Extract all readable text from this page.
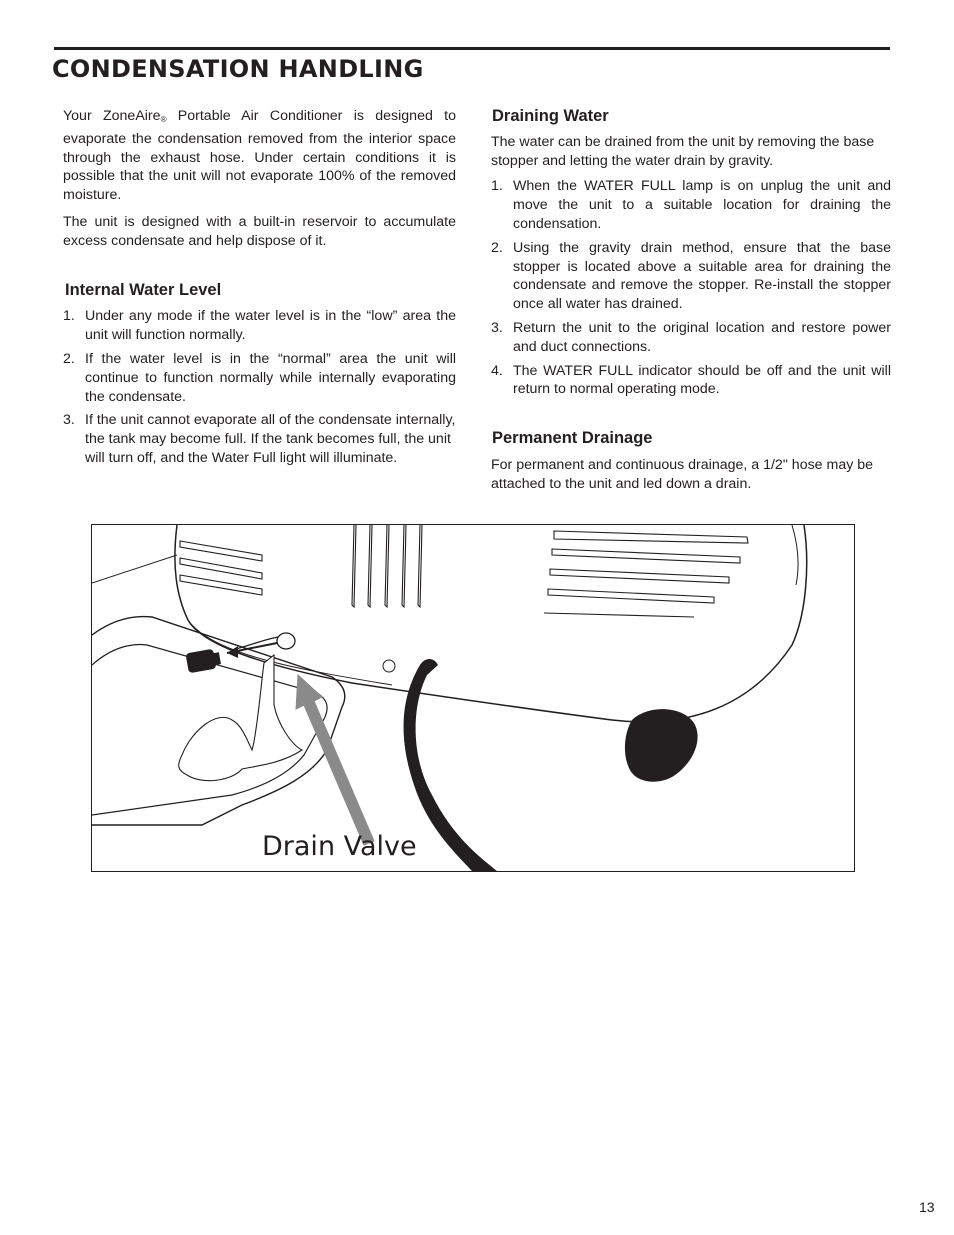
CONDENSATION HANDLING

Your ZoneAire$_®$ Portable Air Conditioner is designed to evaporate the condensation removed from the interior space through the exhaust hose. Under certain conditions it is possible that the unit will not evaporate 100% of the removed moisture.

The unit is designed with a built-in reservoir to accumulate excess condensate and help dispose of it.

Internal Water Level
1. Under any mode if the water level is in the “low” area the unit will function normally.
2. If the water level is in the “normal” area the unit will continue to function normally while internally evaporating the condensate.
3. If the unit cannot evaporate all of the condensate internally, the tank may become full. If the tank becomes full, the unit will turn off, and the Water Full light will illuminate.
Draining Water

The water can be drained from the unit by removing the base stopper and letting the water drain by gravity.

1. When the WATER FULL lamp is on unplug the unit and move the unit to a suitable location for draining the condensation.
2. Using the gravity drain method, ensure that the base stopper is located above a suitable area for draining the condensate and remove the stopper. Re-install the stopper once all water has drained.
3. Return the unit to the original location and restore power and duct connections.
4. The WATER FULL indicator should be off and the unit will return to normal operating mode.
Permanent Drainage

For permanent and continuous drainage, a 1/2" hose may be attached to the unit and led down a drain.

Drain Valve
13
